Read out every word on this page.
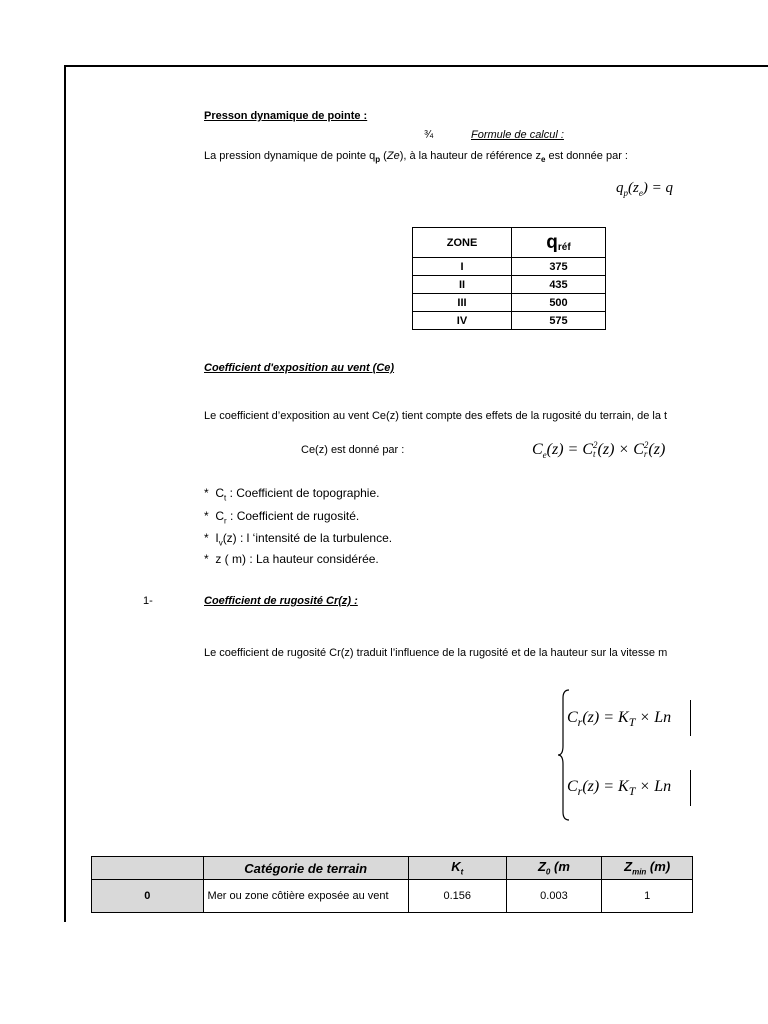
Presson dynamique de pointe :
¾	Formule de calcul :
La pression dynamique de pointe $q_p$ (Ze), à la hauteur de référence $z_e$ est donnée par :
$q_p(z_e) = q$
ZONE	$q_{réf}$
I	375
II	435
III	500
IV	575
Coefficient d'exposition au vent (Ce)
Le coefficient d’exposition au vent Ce(z) tient compte des effets de la rugosité du terrain, de la t
Ce(z) est donné par :	$C_e(z) = C$ 2
t (z) × C 2
r (z)
* $C_t$ : Coefficient de topographie.
* $C_r$ : Coefficient de rugosité.
* $I_v(z)$ : l ‘intensité de la turbulence.
* z ( m) : La hauteur considérée.
1-	Coefficient de rugosité Cr(z) :
Le coefficient de rugosité Cr(z) traduit l’influence de la rugosité et de la hauteur sur la vitesse m
$C_r(z) = K_T \times Ln$
$C_r(z) = K_T \times Ln$
	Catégorie de terrain	$K_t$	$Z_0$ (m	$Z_{min}$ (m)
0	Mer ou zone côtière exposée au vent	0.156	0.003	1
